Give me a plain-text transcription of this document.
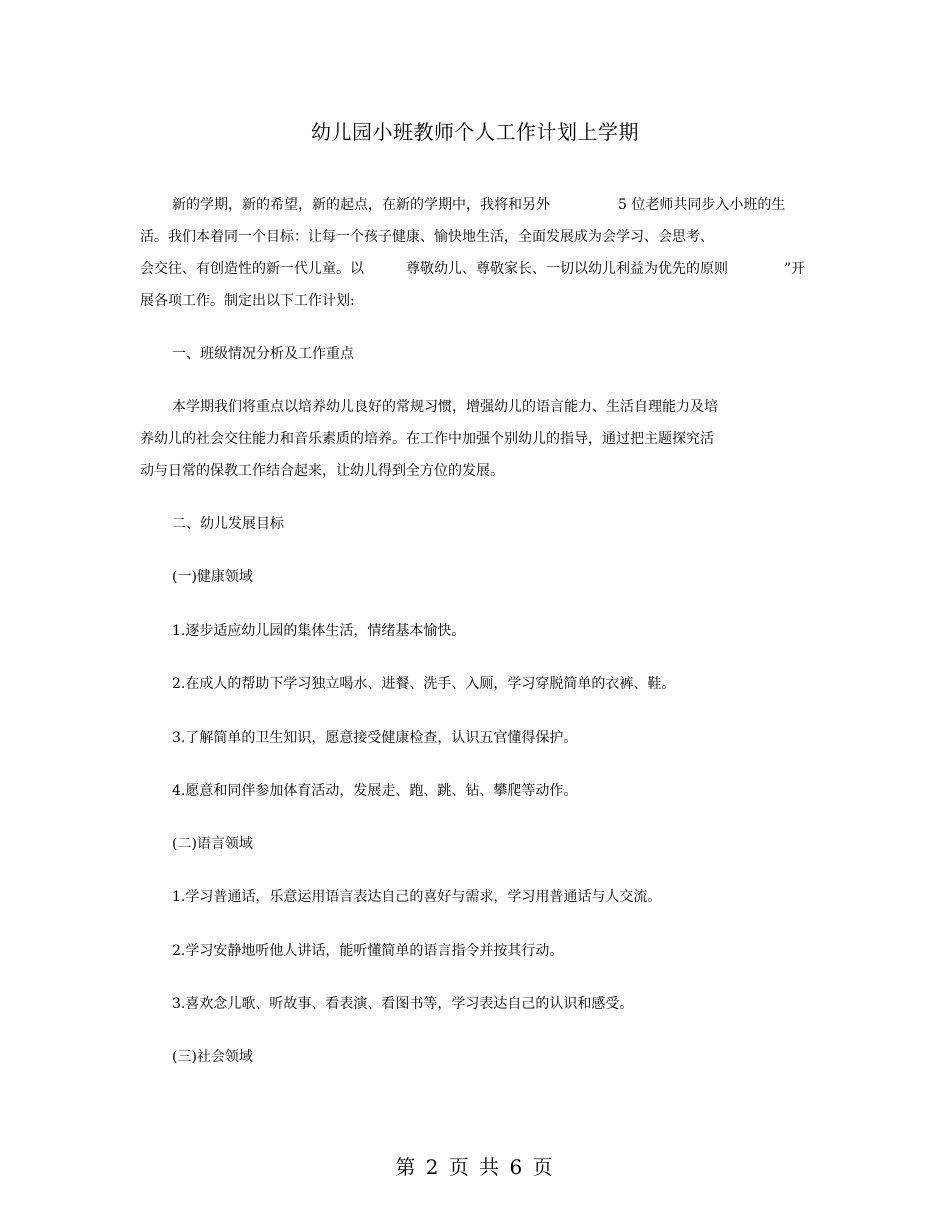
幼儿园小班教师个人工作计划上学期
新的学期，新的希望，新的起点，在新的学期中，我将和另外	5 位老师共同步入小班的生
活。我们本着同一个目标：让每一个孩子健康、愉快地生活，全面发展成为会学习、会思考、
会交往、有创造性的新一代儿童。以	尊敬幼儿、尊敬家长、一切以幼儿利益为优先的原则	”开
展各项工作。制定出以下工作计划:
一、班级情况分析及工作重点
本学期我们将重点以培养幼儿良好的常规习惯，增强幼儿的语言能力、生活自理能力及培
养幼儿的社会交往能力和音乐素质的培养。在工作中加强个别幼儿的指导，通过把主题探究活
动与日常的保教工作结合起来，让幼儿得到全方位的发展。
二、幼儿发展目标
(一)健康领域
1.逐步适应幼儿园的集体生活，情绪基本愉快。
2.在成人的帮助下学习独立喝水、进餐、洗手、入厕，学习穿脱简单的衣裤、鞋。
3.了解简单的卫生知识，愿意接受健康检查，认识五官懂得保护。
4.愿意和同伴参加体育活动，发展走、跑、跳、钻、攀爬等动作。
(二)语言领域
1.学习普通话，乐意运用语言表达自己的喜好与需求，学习用普通话与人交流。
2.学习安静地听他人讲话，能听懂简单的语言指令并按其行动。
3.喜欢念儿歌、听故事、看表演、看图书等，学习表达自己的认识和感受。
(三)社会领域
第 2 页 共 6 页
